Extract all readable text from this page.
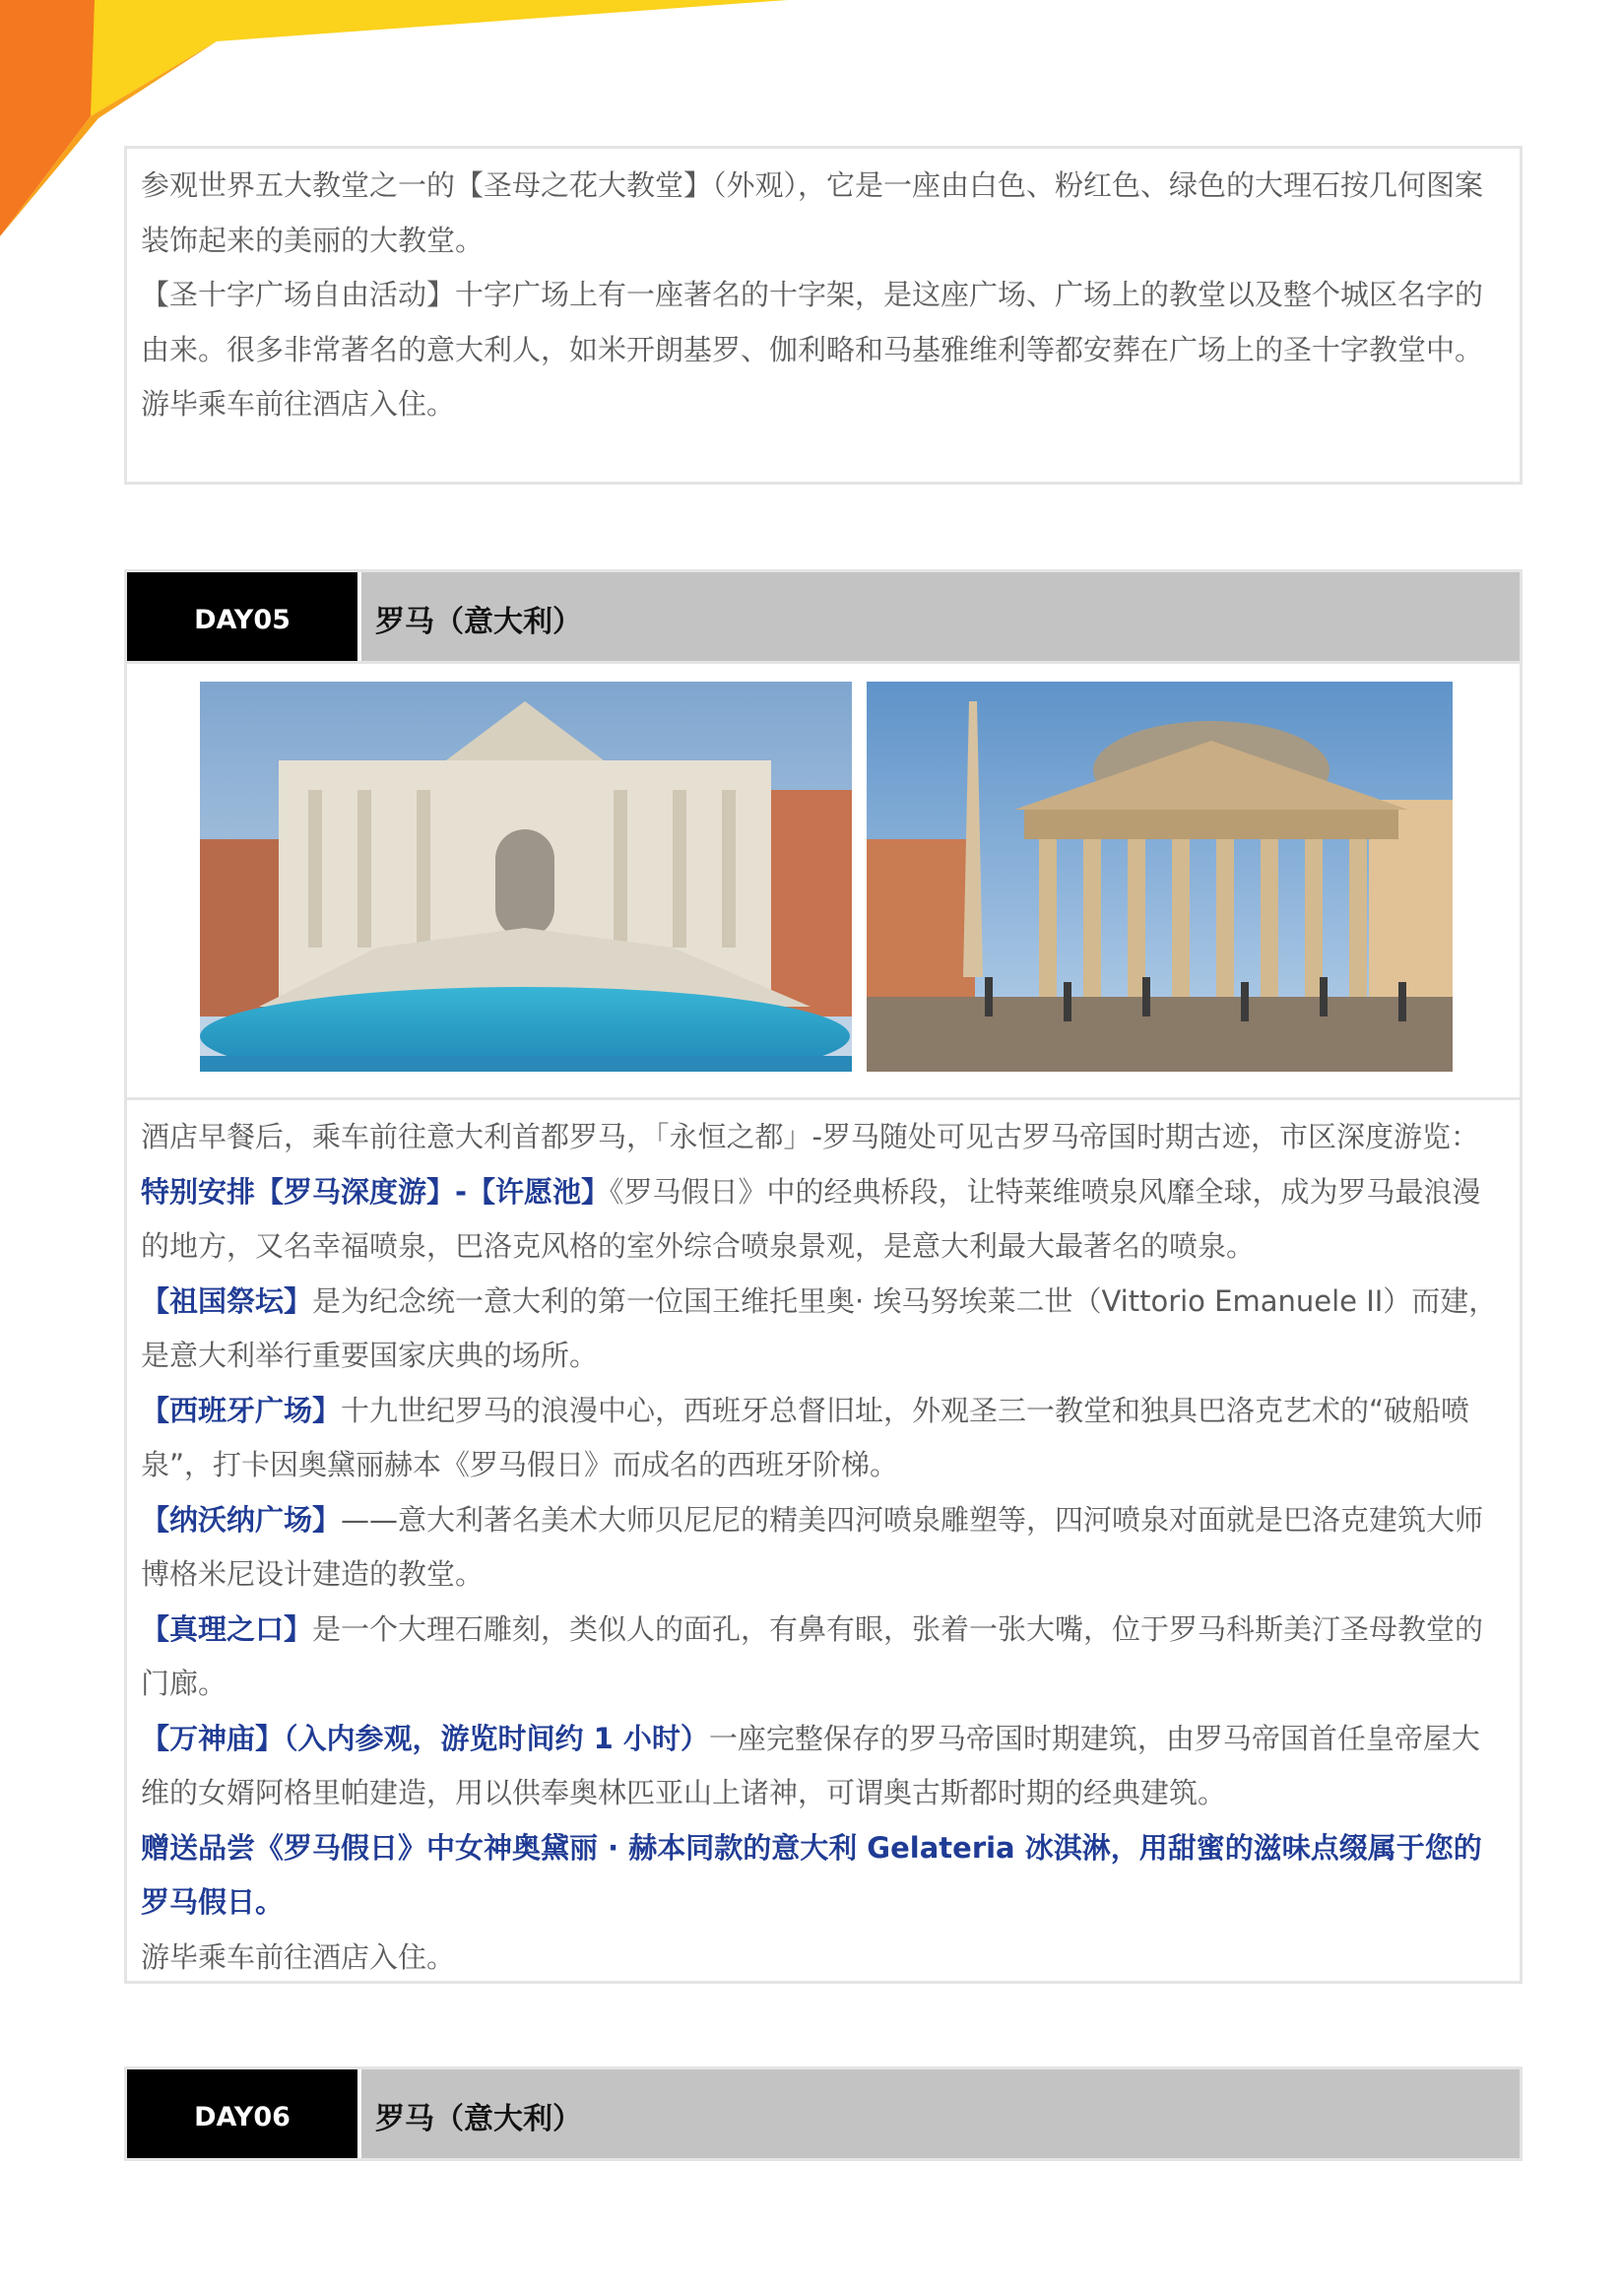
参观世界五大教堂之一的【圣母之花大教堂】（外观），它是一座由白色、粉红色、绿色的大理石按几何图案装饰起来的美丽的大教堂。

【圣十字广场自由活动】十字广场上有一座著名的十字架，是这座广场、广场上的教堂以及整个城区名字的由来。很多非常著名的意大利人，如米开朗基罗、伽利略和马基雅维利等都安葬在广场上的圣十字教堂中。

游毕乘车前往酒店入住。

DAY05	罗马（意大利）

酒店早餐后，乘车前往意大利首都罗马，「永恒之都」-罗马随处可见古罗马帝国时期古迹，市区深度游览：特别安排【罗马深度游】-【许愿池】《罗马假日》中的经典桥段，让特莱维喷泉风靡全球，成为罗马最浪漫的地方，又名幸福喷泉，巴洛克风格的室外综合喷泉景观，是意大利最大最著名的喷泉。

【祖国祭坛】是为纪念统一意大利的第一位国王维托里奥· 埃马努埃莱二世（Vittorio Emanuele II）而建，是意大利举行重要国家庆典的场所。

【西班牙广场】十九世纪罗马的浪漫中心，西班牙总督旧址，外观圣三一教堂和独具巴洛克艺术的“破船喷泉”，打卡因奥黛丽赫本《罗马假日》而成名的西班牙阶梯。

【纳沃纳广场】——意大利著名美术大师贝尼尼的精美四河喷泉雕塑等，四河喷泉对面就是巴洛克建筑大师博格米尼设计建造的教堂。

【真理之口】是一个大理石雕刻，类似人的面孔，有鼻有眼，张着一张大嘴，位于罗马科斯美汀圣母教堂的门廊。

【万神庙】（入内参观，游览时间约 1 小时）一座完整保存的罗马帝国时期建筑，由罗马帝国首任皇帝屋大维的女婿阿格里帕建造，用以供奉奥林匹亚山上诸神，可谓奥古斯都时期的经典建筑。

赠送品尝《罗马假日》中女神奥黛丽 · 赫本同款的意大利 Gelateria 冰淇淋，用甜蜜的滋味点缀属于您的罗马假日。

游毕乘车前往酒店入住。

DAY06	罗马（意大利）
